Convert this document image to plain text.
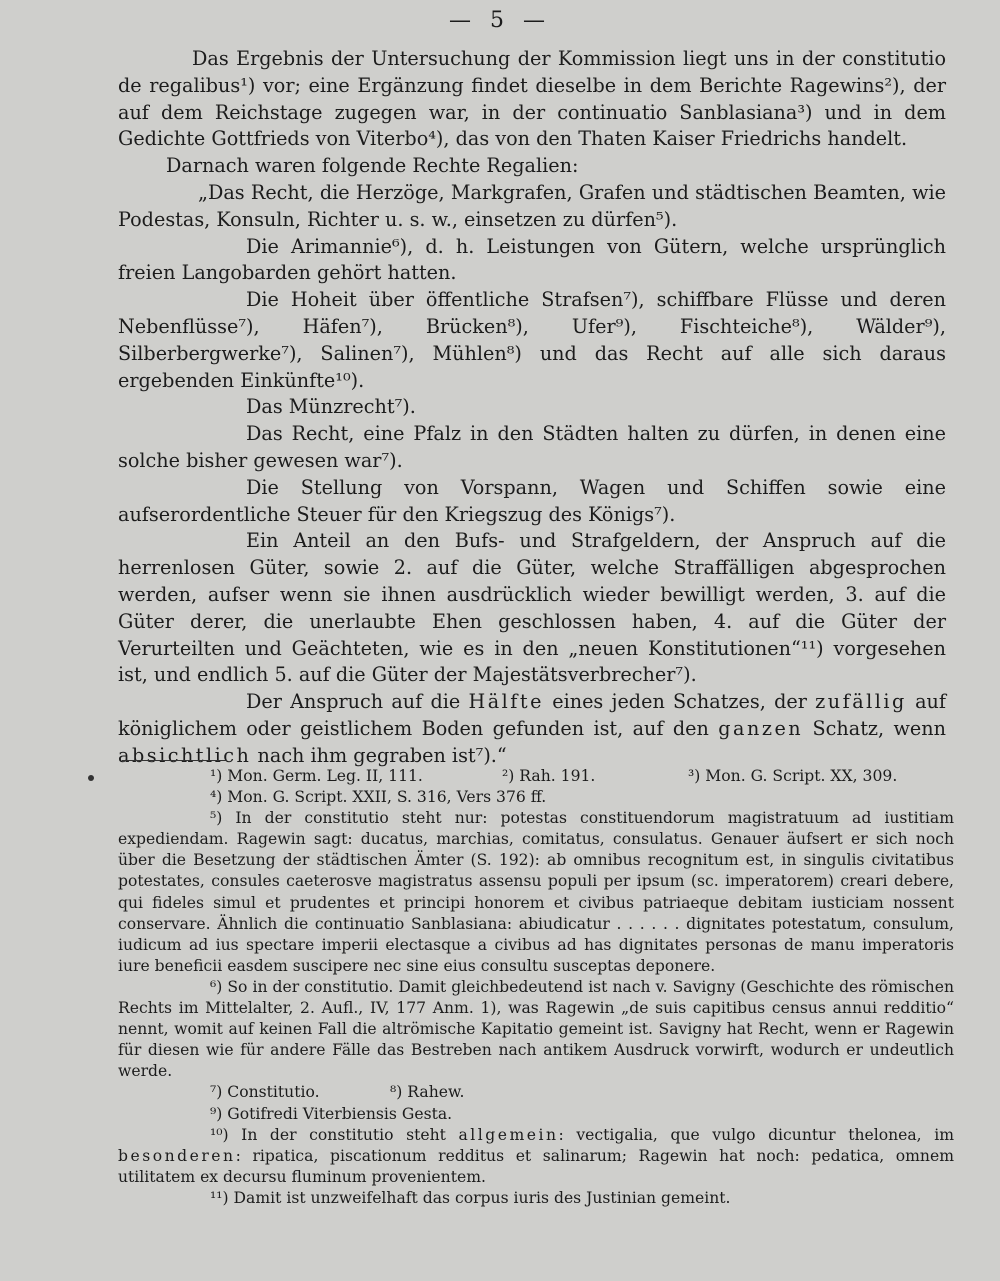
— 5 —

Das Ergebnis der Untersuchung der Kommission liegt uns in der constitutio de regalibus¹) vor; eine Ergänzung findet dieselbe in dem Berichte Ragewins²), der auf dem Reichstage zugegen war, in der continuatio Sanblasiana³) und in dem Gedichte Gottfrieds von Viterbo⁴), das von den Thaten Kaiser Friedrichs handelt.

Darnach waren folgende Rechte Regalien:

„Das Recht, die Herzöge, Markgrafen, Grafen und städtischen Beamten, wie Podestas, Konsuln, Richter u. s. w., einsetzen zu dürfen⁵).

Die Arimannie⁶), d. h. Leistungen von Gütern, welche ursprünglich freien Langobarden gehört hatten.

Die Hoheit über öffentliche Strafsen⁷), schiffbare Flüsse und deren Nebenflüsse⁷), Häfen⁷), Brücken⁸), Ufer⁹), Fischteiche⁸), Wälder⁹), Silberbergwerke⁷), Salinen⁷), Mühlen⁸) und das Recht auf alle sich daraus ergebenden Einkünfte¹⁰).

Das Münzrecht⁷).

Das Recht, eine Pfalz in den Städten halten zu dürfen, in denen eine solche bisher gewesen war⁷).

Die Stellung von Vorspann, Wagen und Schiffen sowie eine aufserordentliche Steuer für den Kriegszug des Königs⁷).

Ein Anteil an den Bufs- und Strafgeldern, der Anspruch auf die herrenlosen Güter, sowie 2. auf die Güter, welche Straffälligen abgesprochen werden, aufser wenn sie ihnen ausdrücklich wieder bewilligt werden, 3. auf die Güter derer, die unerlaubte Ehen geschlossen haben, 4. auf die Güter der Verurteilten und Geächteten, wie es in den „neuen Konstitutionen“¹¹) vorgesehen ist, und endlich 5. auf die Güter der Majestätsverbrecher⁷).

Der Anspruch auf die Hälfte eines jeden Schatzes, der zufällig auf königlichem oder geistlichem Boden gefunden ist, auf den ganzen Schatz, wenn absichtlich nach ihm gegraben ist⁷).“

¹) Mon. Germ. Leg. II, 111.	²) Rah. 191.	³) Mon. G. Script. XX, 309.

⁴) Mon. G. Script. XXII, S. 316, Vers 376 ff.

⁵) In der constitutio steht nur: potestas constituendorum magistratuum ad iustitiam expediendam. Ragewin sagt: ducatus, marchias, comitatus, consulatus. Genauer äufsert er sich noch über die Besetzung der städtischen Ämter (S. 192): ab omnibus recognitum est, in singulis civitatibus potestates, consules caeterosve magistratus assensu populi per ipsum (sc. imperatorem) creari debere, qui fideles simul et prudentes et principi honorem et civibus patriaeque debitam iusticiam nossent conservare. Ähnlich die continuatio Sanblasiana: abiudicatur . . . . . . dignitates potestatum, consulum, iudicum ad ius spectare imperii electasque a civibus ad has dignitates personas de manu imperatoris iure beneficii easdem suscipere nec sine eius consultu susceptas deponere.

⁶) So in der constitutio. Damit gleichbedeutend ist nach v. Savigny (Geschichte des römischen Rechts im Mittelalter, 2. Aufl., IV, 177 Anm. 1), was Ragewin „de suis capitibus census annui redditio“ nennt, womit auf keinen Fall die altrömische Kapitatio gemeint ist. Savigny hat Recht, wenn er Ragewin für diesen wie für andere Fälle das Bestreben nach antikem Ausdruck vorwirft, wodurch er undeutlich werde.

⁷) Constitutio.	⁸) Rahew.

⁹) Gotifredi Viterbiensis Gesta.

¹⁰) In der constitutio steht allgemein: vectigalia, que vulgo dicuntur thelonea, im besonderen: ripatica, piscationum redditus et salinarum; Ragewin hat noch: pedatica, omnem utilitatem ex decursu fluminum provenientem.

¹¹) Damit ist unzweifelhaft das corpus iuris des Justinian gemeint.
